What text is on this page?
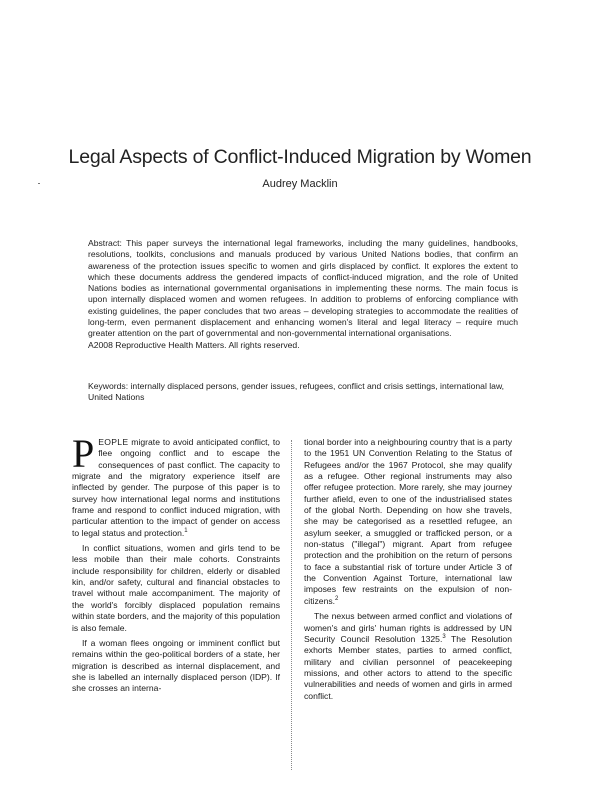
Legal Aspects of Conflict-Induced Migration by Women
Audrey Macklin
Abstract: This paper surveys the international legal frameworks, including the many guidelines, handbooks, resolutions, toolkits, conclusions and manuals produced by various United Nations bodies, that confirm an awareness of the protection issues specific to women and girls displaced by conflict. It explores the extent to which these documents address the gendered impacts of conflict-induced migration, and the role of United Nations bodies as international governmental organisations in implementing these norms. The main focus is upon internally displaced women and women refugees. In addition to problems of enforcing compliance with existing guidelines, the paper concludes that two areas – developing strategies to accommodate the realities of long-term, even permanent displacement and enhancing women's literal and legal literacy – require much greater attention on the part of governmental and non-governmental international organisations.
A2008 Reproductive Health Matters. All rights reserved.
Keywords: internally displaced persons, gender issues, refugees, conflict and crisis settings, international law, United Nations

PEOPLE migrate to avoid anticipated conflict, to flee ongoing conflict and to escape the consequences of past conflict. The capacity to migrate and the migratory experience itself are inflected by gender. The purpose of this paper is to survey how international legal norms and institutions frame and respond to conflict induced migration, with particular attention to the impact of gender on access to legal status and protection.$^1$

In conflict situations, women and girls tend to be less mobile than their male cohorts. Constraints include responsibility for children, elderly or disabled kin, and/or safety, cultural and financial obstacles to travel without male accompaniment. The majority of the world's forcibly displaced population remains within state borders, and the majority of this population is also female.

If a woman flees ongoing or imminent conflict but remains within the geo-political borders of a state, her migration is described as internal displacement, and she is labelled an internally displaced person (IDP). If she crosses an interna-

tional border into a neighbouring country that is a party to the 1951 UN Convention Relating to the Status of Refugees and/or the 1967 Protocol, she may qualify as a refugee. Other regional instruments may also offer refugee protection. More rarely, she may journey further afield, even to one of the industrialised states of the global North. Depending on how she travels, she may be categorised as a resettled refugee, an asylum seeker, a smuggled or trafficked person, or a non-status ("illegal") migrant. Apart from refugee protection and the prohibition on the return of persons to face a substantial risk of torture under Article 3 of the Convention Against Torture, international law imposes few restraints on the expulsion of non-citizens.$^2$

The nexus between armed conflict and violations of women's and girls' human rights is addressed by UN Security Council Resolution 1325.$^3$ The Resolution exhorts Member states, parties to armed conflict, military and civilian personnel of peacekeeping missions, and other actors to attend to the specific vulnerabilities and needs of women and girls in armed conflict.
